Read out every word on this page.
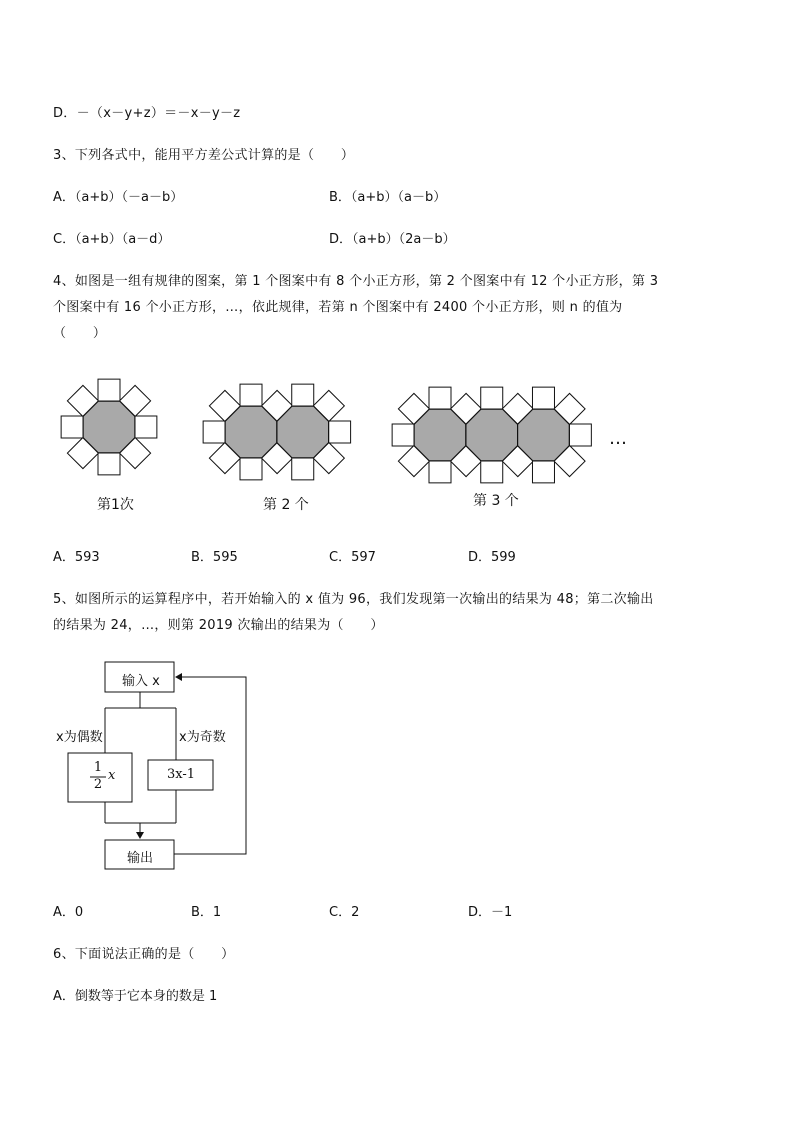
D．－（x－y+z）＝－x－y－z
3、下列各式中，能用平方差公式计算的是（　　）
A．（a+b）（－a－b）	B．（a+b）（a－b）
C．（a+b）（a－d）	D．（a+b）（2a－b）
4、如图是一组有规律的图案，第 1 个图案中有 8 个小正方形，第 2 个图案中有 12 个小正方形，第 3
个图案中有 16 个小正方形，…，依此规律，若第 n 个图案中有 2400 个小正方形，则 n 的值为
（　　）
第1次	第 2 个	第 3 个
…
A．593	B．595	C．597	D．599
5、如图所示的运算程序中，若开始输入的 x 值为 96，我们发现第一次输出的结果为 48；第二次输出
的结果为 24，…，则第 2019 次输出的结果为（　　）
输入 x
x为偶数	x为奇数
1
2
x	3x-1
输出
A．0	B．1	C．2	D．－1
6、下面说法正确的是（　　）
A．倒数等于它本身的数是 1
